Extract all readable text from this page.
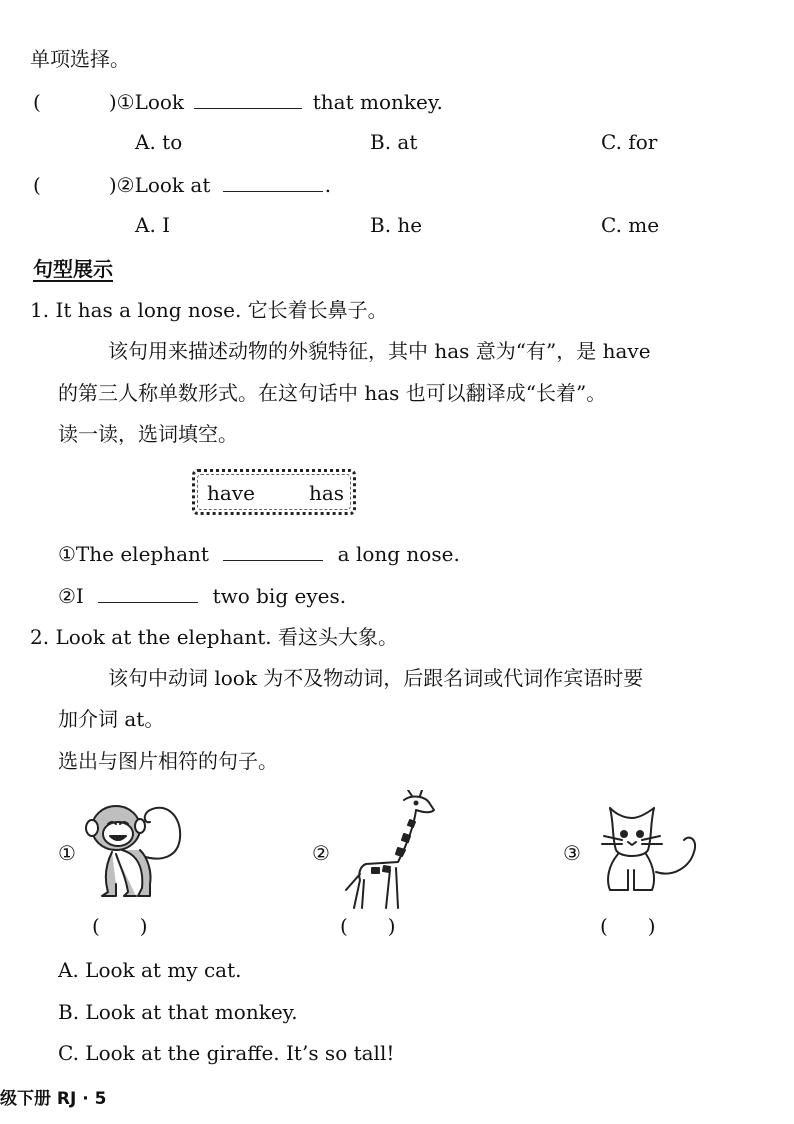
单项选择。
(	)①Look	that monkey.
A. to	B. at	C. for
(	)②Look at	.
A. I	B. he	C. me
句型展示
1. It has a long nose. 它长着长鼻子。
该句用来描述动物的外貌特征，其中 has 意为“有”，是 have
的第三人称单数形式。在这句话中 has 也可以翻译成“长着”。
读一读，选词填空。
have	has
①The elephant	a long nose.
②I	two big eyes.
2. Look at the elephant. 看这头大象。
该句中动词 look 为不及物动词，后跟名词或代词作宾语时要
加介词 at。
选出与图片相符的句子。
①	②	③
(　　)	(　　)	(　　)
A. Look at my cat.
B. Look at that monkey.
C. Look at the giraffe. It’s so tall!
级下册 RJ · 5
